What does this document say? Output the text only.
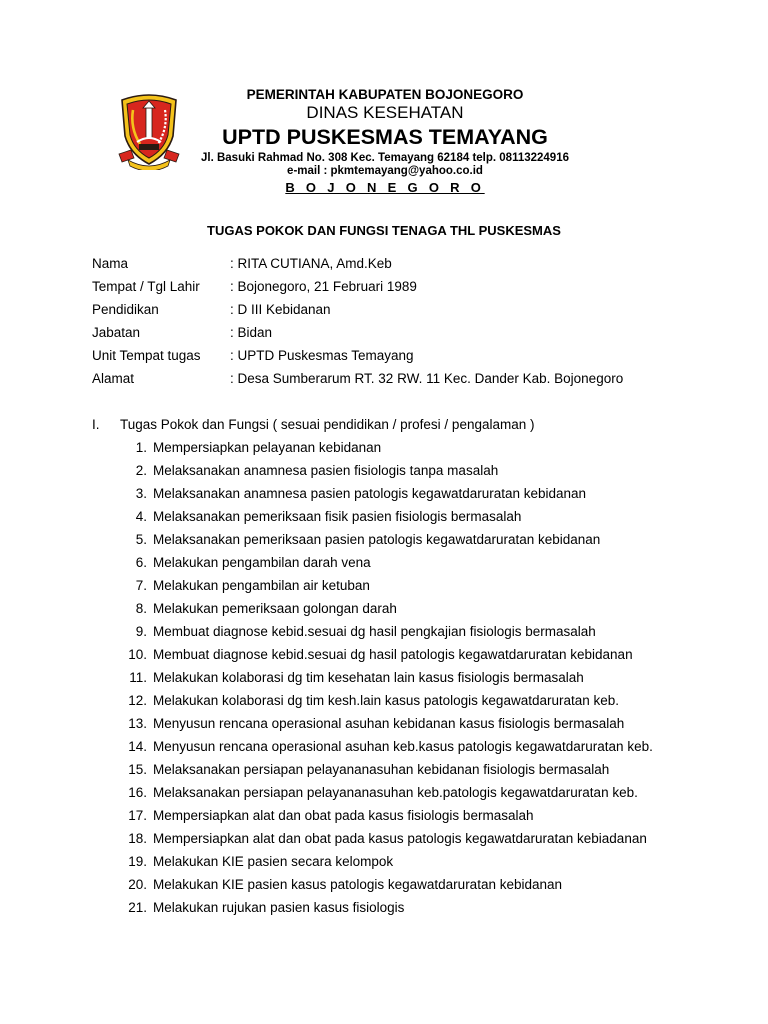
PEMERINTAH KABUPATEN BOJONEGORO
DINAS KESEHATAN
UPTD PUSKESMAS TEMAYANG
Jl. Basuki Rahmad No. 308 Kec. Temayang 62184 telp. 08113224916
e-mail : pkmtemayang@yahoo.co.id
B O J O N E G O R O
TUGAS POKOK DAN FUNGSI TENAGA THL PUSKESMAS
Nama	: RITA CUTIANA, Amd.Keb
Tempat / Tgl Lahir : Bojonegoro, 21 Februari 1989
Pendidikan	: D III Kebidanan
Jabatan	: Bidan
Unit Tempat tugas : UPTD Puskesmas Temayang
Alamat	: Desa Sumberarum RT. 32 RW. 11 Kec. Dander Kab. Bojonegoro
I. Tugas Pokok dan Fungsi ( sesuai pendidikan / profesi / pengalaman )
1. Mempersiapkan pelayanan kebidanan
2. Melaksanakan anamnesa pasien fisiologis tanpa masalah
3. Melaksanakan anamnesa pasien patologis kegawatdaruratan kebidanan
4. Melaksanakan pemeriksaan fisik pasien fisiologis bermasalah
5. Melaksanakan pemeriksaan pasien patologis kegawatdaruratan kebidanan
6. Melakukan pengambilan darah vena
7. Melakukan pengambilan air ketuban
8. Melakukan pemeriksaan golongan darah
9. Membuat diagnose kebid.sesuai dg hasil pengkajian fisiologis bermasalah
10. Membuat diagnose kebid.sesuai dg hasil patologis kegawatdaruratan kebidanan
11. Melakukan kolaborasi dg tim kesehatan lain kasus fisiologis bermasalah
12. Melakukan kolaborasi dg tim kesh.lain kasus patologis kegawatdaruratan keb.
13. Menyusun rencana operasional asuhan kebidanan kasus fisiologis bermasalah
14. Menyusun rencana operasional asuhan keb.kasus patologis kegawatdaruratan keb.
15. Melaksanakan persiapan pelayananasuhan kebidanan fisiologis bermasalah
16. Melaksanakan persiapan pelayananasuhan keb.patologis kegawatdaruratan keb.
17. Mempersiapkan alat dan obat pada kasus fisiologis bermasalah
18. Mempersiapkan alat dan obat pada kasus patologis kegawatdaruratan kebiadanan
19. Melakukan KIE pasien secara kelompok
20. Melakukan KIE pasien kasus patologis kegawatdaruratan kebidanan
21. Melakukan rujukan pasien kasus fisiologis
